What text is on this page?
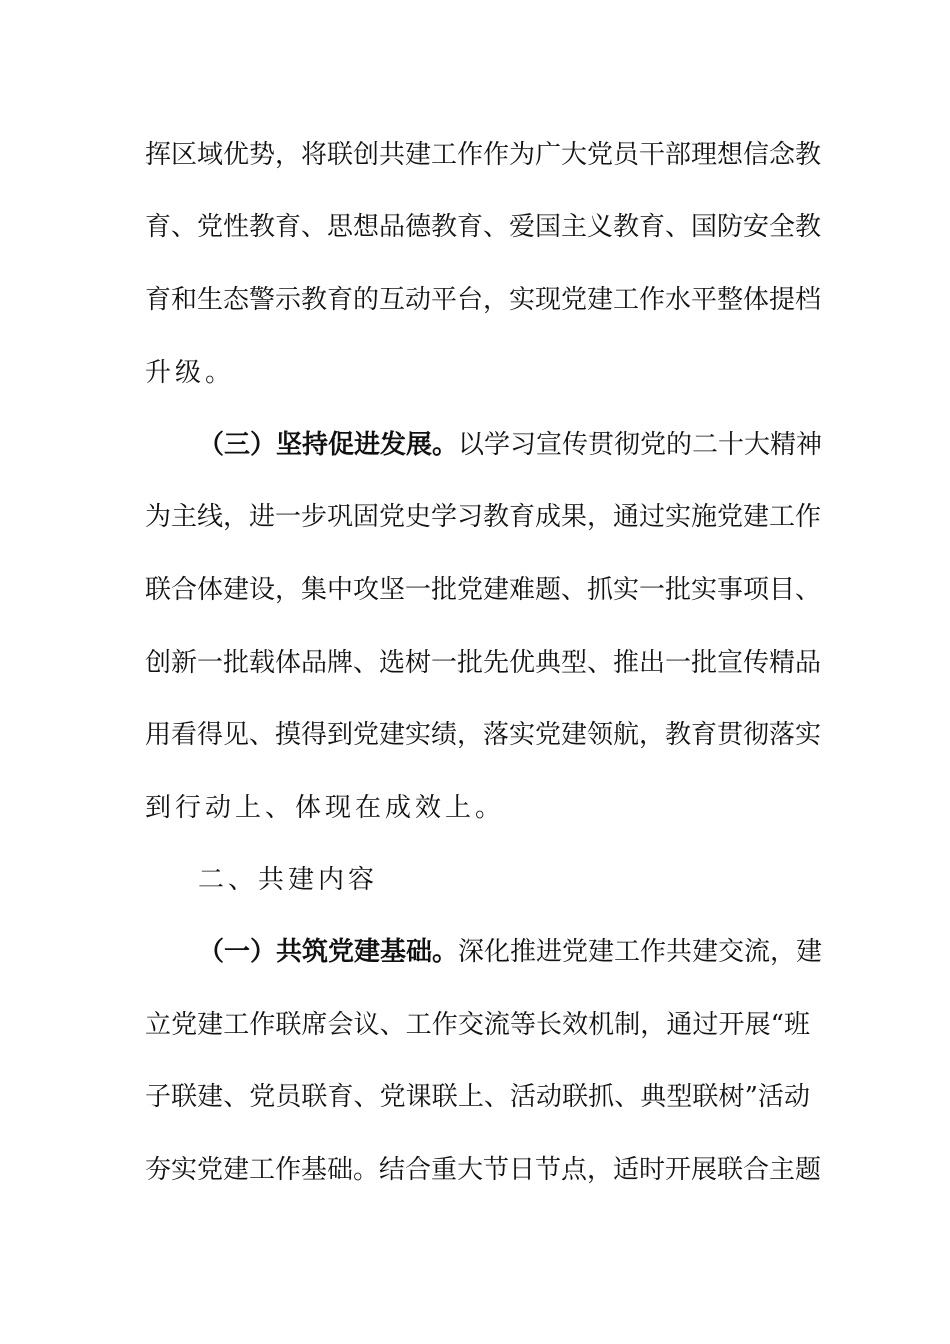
挥区域优势，将联创共建工作作为广大党员干部理想信念教
育、党性教育、思想品德教育、爱国主义教育、国防安全教
育和生态警示教育的互动平台，实现党建工作水平整体提档
升级。
（三）坚持促进发展。以学习宣传贯彻党的二十大精神
为主线，进一步巩固党史学习教育成果，通过实施党建工作
联合体建设，集中攻坚一批党建难题、抓实一批实事项目、
创新一批载体品牌、选树一批先优典型、推出一批宣传精品
用看得见、摸得到党建实绩，落实党建领航，教育贯彻落实
到行动上、体现在成效上。
二、共建内容
（一）共筑党建基础。深化推进党建工作共建交流，建
立党建工作联席会议、工作交流等长效机制，通过开展“班
子联建、党员联育、党课联上、活动联抓、典型联树”活动
夯实党建工作基础。结合重大节日节点，适时开展联合主题
